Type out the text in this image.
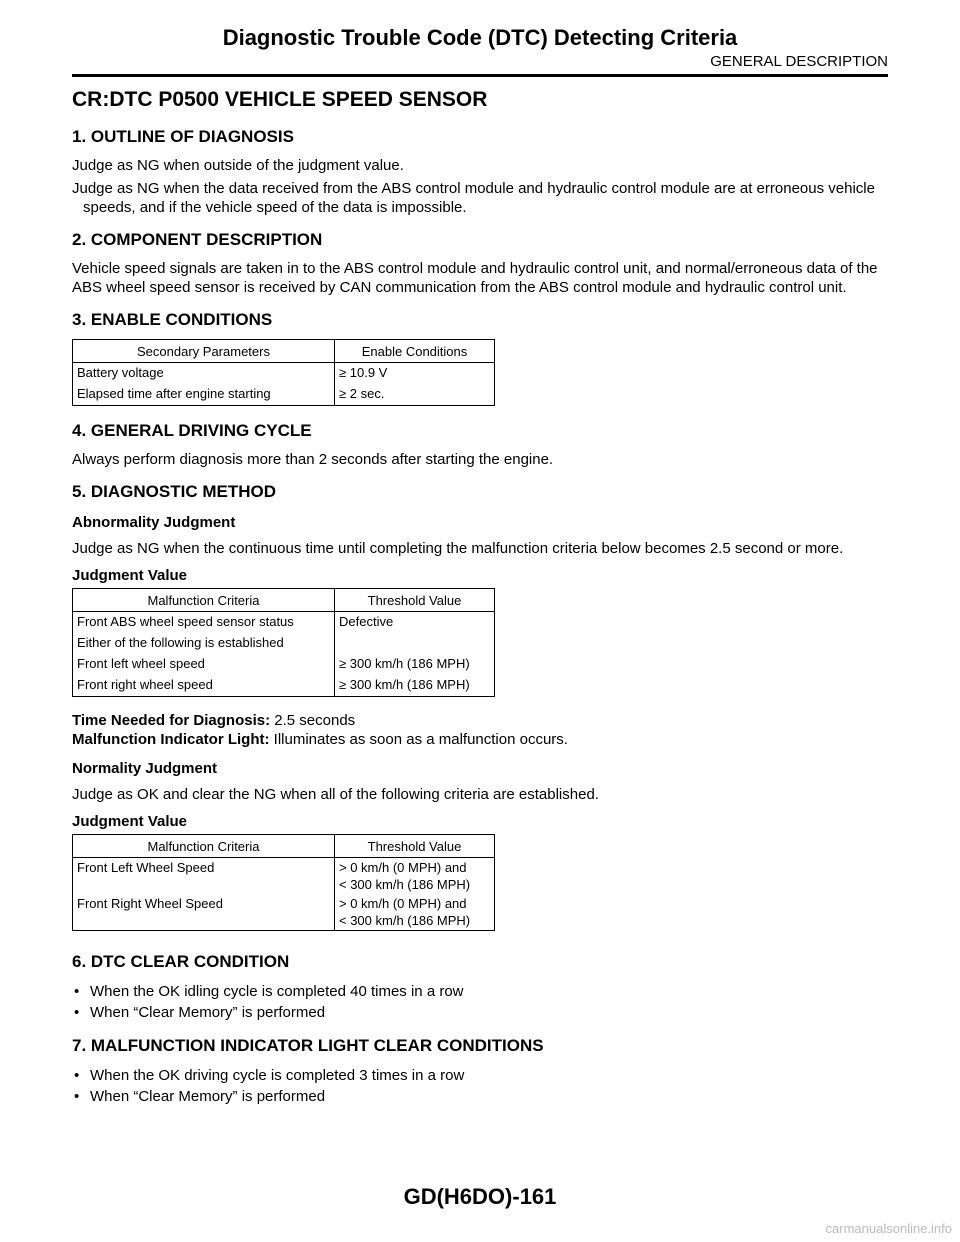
Diagnostic Trouble Code (DTC) Detecting Criteria
GENERAL DESCRIPTION
CR:DTC P0500 VEHICLE SPEED SENSOR
1. OUTLINE OF DIAGNOSIS

Judge as NG when outside of the judgment value.

Judge as NG when the data received from the ABS control module and hydraulic control module are at erroneous vehicle speeds, and if the vehicle speed of the data is impossible.

2. COMPONENT DESCRIPTION

Vehicle speed signals are taken in to the ABS control module and hydraulic control unit, and normal/erroneous data of the ABS wheel speed sensor is received by CAN communication from the ABS control module and hydraulic control unit.

3. ENABLE CONDITIONS
Secondary Parameters	Enable Conditions
Battery voltage	≥ 10.9 V
Elapsed time after engine starting	≥ 2 sec.
4. GENERAL DRIVING CYCLE

Always perform diagnosis more than 2 seconds after starting the engine.

5. DIAGNOSTIC METHOD
Abnormality Judgment

Judge as NG when the continuous time until completing the malfunction criteria below becomes 2.5 second or more.

Judgment Value
Malfunction Criteria	Threshold Value
Front ABS wheel speed sensor status	Defective
Either of the following is established	
Front left wheel speed	≥ 300 km/h (186 MPH)
Front right wheel speed	≥ 300 km/h (186 MPH)

Time Needed for Diagnosis: 2.5 seconds

Malfunction Indicator Light: Illuminates as soon as a malfunction occurs.

Normality Judgment

Judge as OK and clear the NG when all of the following criteria are established.

Judgment Value
Malfunction Criteria	Threshold Value
Front Left Wheel Speed	> 0 km/h (0 MPH) and
< 300 km/h (186 MPH)

Front Right Wheel Speed	> 0 km/h (0 MPH) and
< 300 km/h (186 MPH)
6. DTC CLEAR CONDITION
• When the OK idling cycle is completed 40 times in a row
• When “Clear Memory” is performed
7. MALFUNCTION INDICATOR LIGHT CLEAR CONDITIONS
• When the OK driving cycle is completed 3 times in a row
• When “Clear Memory” is performed
GD(H6DO)-161
carmanualsonline.info
